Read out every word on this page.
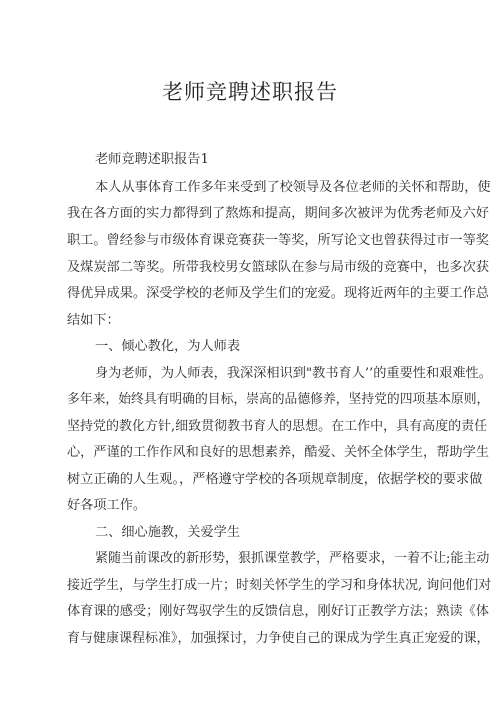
老师竞聘述职报告
老师竞聘述职报告1
本人从事体育工作多年来受到了校领导及各位老师的关怀和帮助，使
我在各方面的实力都得到了熬炼和提高，期间多次被评为优秀老师及六好
职工。曾经参与市级体育课竞赛获一等奖，所写论文也曾获得过市一等奖
及煤炭部二等奖。所带我校男女篮球队在参与局市级的竞赛中，也多次获
得优异成果。深受学校的老师及学生们的宠爱。现将近两年的主要工作总
结如下：
一、倾心教化，为人师表
身为老师，为人师表，我深深相识到"教书育人’’的重要性和艰难性。
多年来，始终具有明确的目标，崇高的品德修养，坚持党的四项基本原则，
坚持党的教化方针,细致贯彻教书育人的思想。在工作中，具有高度的责任
心，严谨的工作作风和良好的思想素养，酷爱、关怀全体学生，帮助学生
树立正确的人生观。，严格遵守学校的各项规章制度，依据学校的要求做
好各项工作。
二、细心施教，关爱学生
紧随当前课改的新形势，狠抓课堂教学，严格要求，一着不让;能主动
接近学生，与学生打成一片；时刻关怀学生的学习和身体状况, 询问他们对
体育课的感受；刚好驾驭学生的反馈信息，刚好订正教学方法；熟读《体
育与健康课程标准》，加强探讨，力争使自己的课成为学生真正宠爱的课，
